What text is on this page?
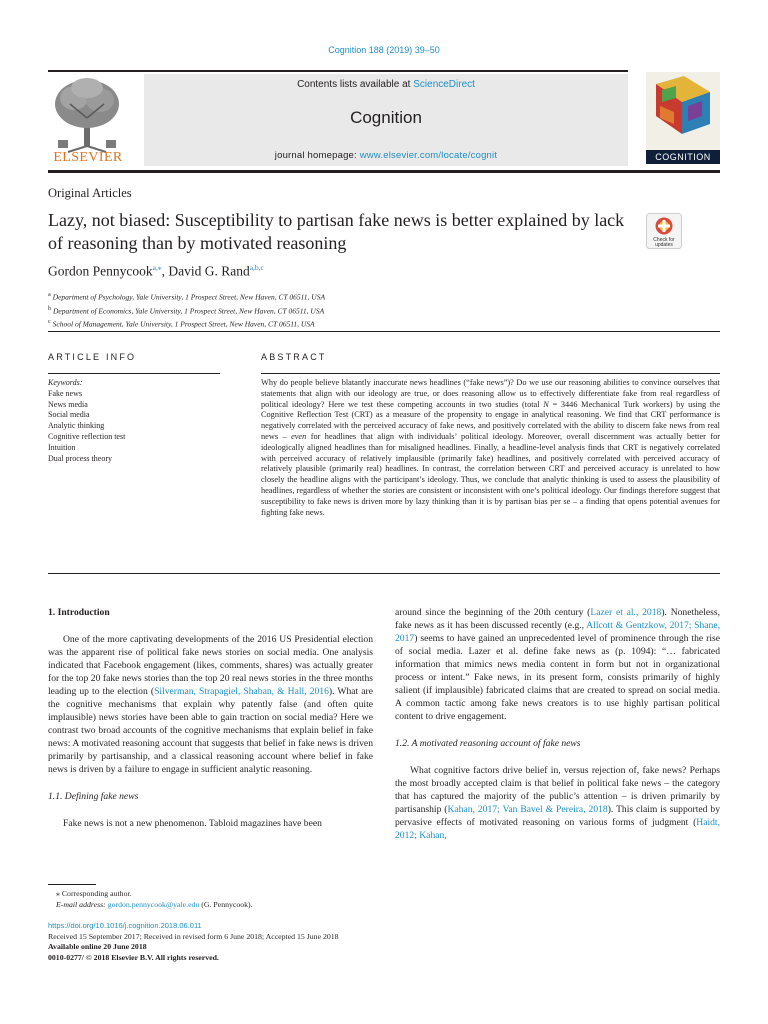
Cognition 188 (2019) 39–50
ELSEVIER
Contents lists available at ScienceDirect
Cognition
journal homepage: www.elsevier.com/locate/cognit	COGNITION
Original Articles
Lazy, not biased: Susceptibility to partisan fake news is better explained by lack of reasoning than by motivated reasoning	Check for
updates
Gordon Pennycook$^{a,⁎}$, David G. Rand$^{a,b,c}$
$^a$ Department of Psychology, Yale University, 1 Prospect Street, New Haven, CT 06511, USA
$^b$ Department of Economics, Yale University, 1 Prospect Street, New Haven, CT 06511, USA
$^c$ School of Management, Yale University, 1 Prospect Street, New Haven, CT 06511, USA
ARTICLE INFO
Keywords:
Fake news
News media
Social media
Analytic thinking
Cognitive reflection test
Intuition
Dual process theory
ABSTRACT
Why do people believe blatantly inaccurate news headlines (“fake news”)? Do we use our reasoning abilities to convince ourselves that statements that align with our ideology are true, or does reasoning allow us to effectively differentiate fake from real regardless of political ideology? Here we test these competing accounts in two studies (total N = 3446 Mechanical Turk workers) by using the Cognitive Reflection Test (CRT) as a measure of the propensity to engage in analytical reasoning. We find that CRT performance is negatively correlated with the perceived accuracy of fake news, and positively correlated with the ability to discern fake news from real news – even for headlines that align with individuals’ political ideology. Moreover, overall discernment was actually better for ideologically aligned headlines than for misaligned headlines. Finally, a headline-level analysis finds that CRT is negatively correlated with perceived accuracy of relatively implausible (primarily fake) headlines, and positively correlated with perceived accuracy of relatively plausible (primarily real) headlines. In contrast, the correlation between CRT and perceived accuracy is unrelated to how closely the headline aligns with the participant’s ideology. Thus, we conclude that analytic thinking is used to assess the plausibility of headlines, regardless of whether the stories are consistent or inconsistent with one’s political ideology. Our findings therefore suggest that susceptibility to fake news is driven more by lazy thinking than it is by partisan bias per se – a finding that opens potential avenues for fighting fake news.
1. Introduction

One of the more captivating developments of the 2016 US Presidential election was the apparent rise of political fake news stories on social media. One analysis indicated that Facebook engagement (likes, comments, shares) was actually greater for the top 20 fake news stories than the top 20 real news stories in the three months leading up to the election (Silverman, Strapagiel, Shaban, & Hall, 2016). What are the cognitive mechanisms that explain why patently false (and often quite implausible) news stories have been able to gain traction on social media? Here we contrast two broad accounts of the cognitive mechanisms that explain belief in fake news: A motivated reasoning account that suggests that belief in fake news is driven primarily by partisanship, and a classical reasoning account where belief in fake news is driven by a failure to engage in sufficient analytic reasoning.

1.1. Defining fake news

Fake news is not a new phenomenon. Tabloid magazines have been

around since the beginning of the 20th century (Lazer et al., 2018). Nonetheless, fake news as it has been discussed recently (e.g., Allcott & Gentzkow, 2017; Shane, 2017) seems to have gained an unprecedented level of prominence through the rise of social media. Lazer et al. define fake news as (p. 1094): “… fabricated information that mimics news media content in form but not in organizational process or intent.” Fake news, in its present form, consists primarily of highly salient (if implausible) fabricated claims that are created to spread on social media. A common tactic among fake news creators is to use highly partisan political content to drive engagement.

1.2. A motivated reasoning account of fake news

What cognitive factors drive belief in, versus rejection of, fake news? Perhaps the most broadly accepted claim is that belief in political fake news – the category that has captured the majority of the public’s attention – is driven primarily by partisanship (Kahan, 2017; Van Bavel & Pereira, 2018). This claim is supported by pervasive effects of motivated reasoning on various forms of judgment (Haidt, 2012; Kahan,

⁎ Corresponding author.
E-mail address: gordon.pennycook@yale.edu (G. Pennycook).
https://doi.org/10.1016/j.cognition.2018.06.011
Received 15 September 2017; Received in revised form 6 June 2018; Accepted 15 June 2018
Available online 20 June 2018
0010-0277/ © 2018 Elsevier B.V. All rights reserved.
